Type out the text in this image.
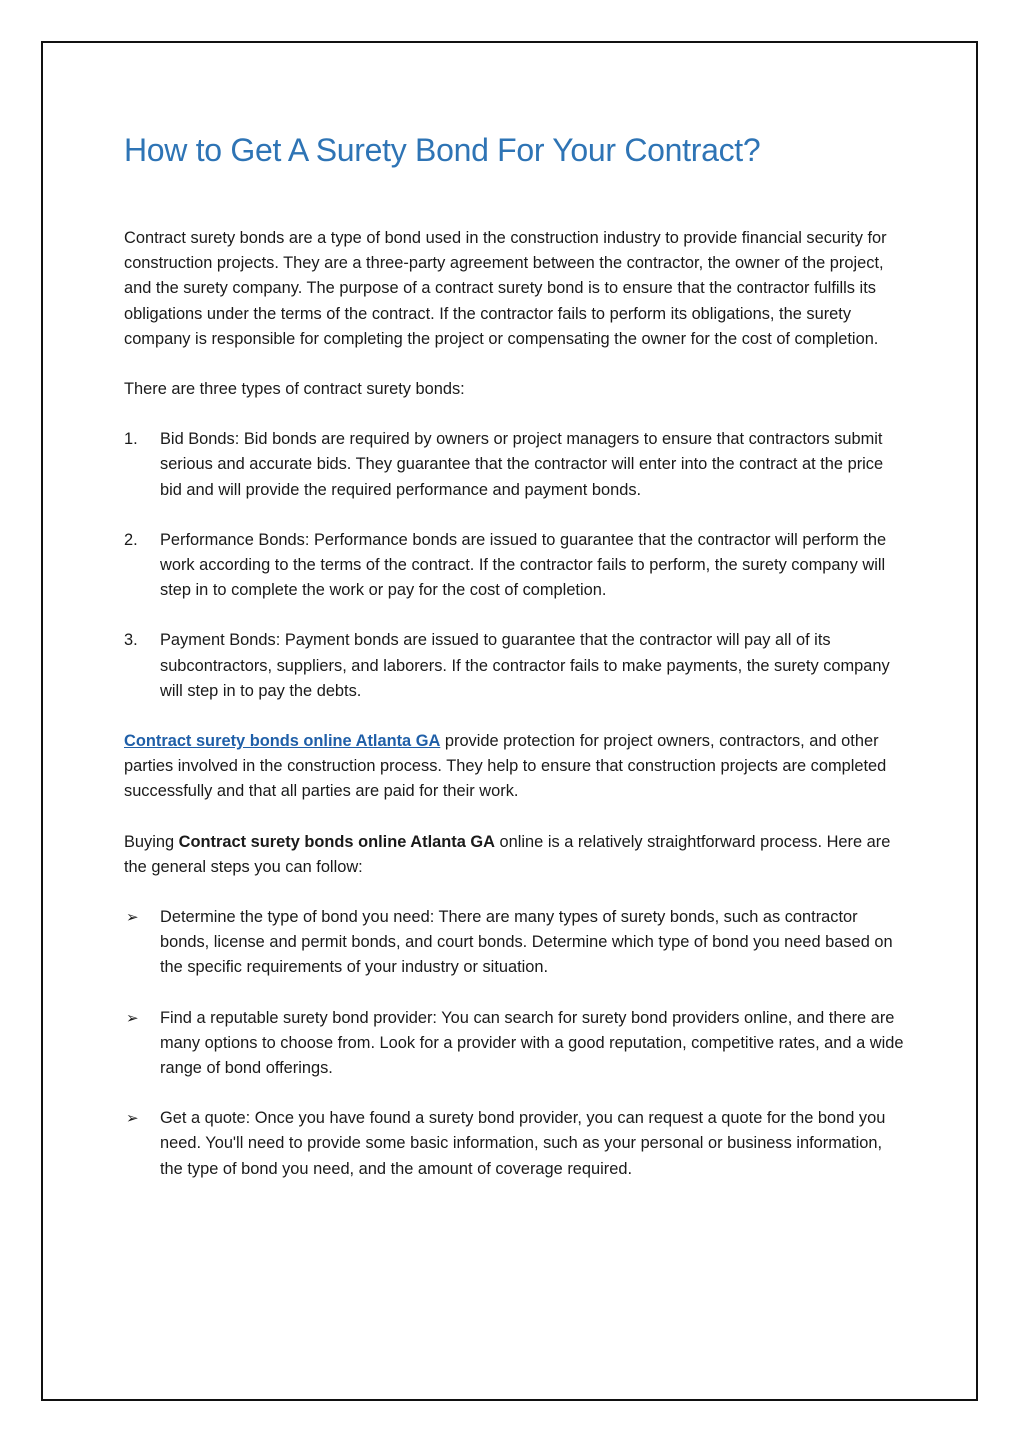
How to Get A Surety Bond For Your Contract?

Contract surety bonds are a type of bond used in the construction industry to provide financial security for construction projects. They are a three-party agreement between the contractor, the owner of the project, and the surety company. The purpose of a contract surety bond is to ensure that the contractor fulfills its obligations under the terms of the contract. If the contractor fails to perform its obligations, the surety company is responsible for completing the project or compensating the owner for the cost of completion.

There are three types of contract surety bonds:

1. Bid Bonds: Bid bonds are required by owners or project managers to ensure that contractors submit serious and accurate bids. They guarantee that the contractor will enter into the contract at the price bid and will provide the required performance and payment bonds.
2. Performance Bonds: Performance bonds are issued to guarantee that the contractor will perform the work according to the terms of the contract. If the contractor fails to perform, the surety company will step in to complete the work or pay for the cost of completion.
3. Payment Bonds: Payment bonds are issued to guarantee that the contractor will pay all of its subcontractors, suppliers, and laborers. If the contractor fails to make payments, the surety company will step in to pay the debts.

Contract surety bonds online Atlanta GA provide protection for project owners, contractors, and other parties involved in the construction process. They help to ensure that construction projects are completed successfully and that all parties are paid for their work.

Buying Contract surety bonds online Atlanta GA online is a relatively straightforward process. Here are the general steps you can follow:

➢ Determine the type of bond you need: There are many types of surety bonds, such as contractor bonds, license and permit bonds, and court bonds. Determine which type of bond you need based on the specific requirements of your industry or situation.
➢ Find a reputable surety bond provider: You can search for surety bond providers online, and there are many options to choose from. Look for a provider with a good reputation, competitive rates, and a wide range of bond offerings.
➢ Get a quote: Once you have found a surety bond provider, you can request a quote for the bond you need. You'll need to provide some basic information, such as your personal or business information, the type of bond you need, and the amount of coverage required.
